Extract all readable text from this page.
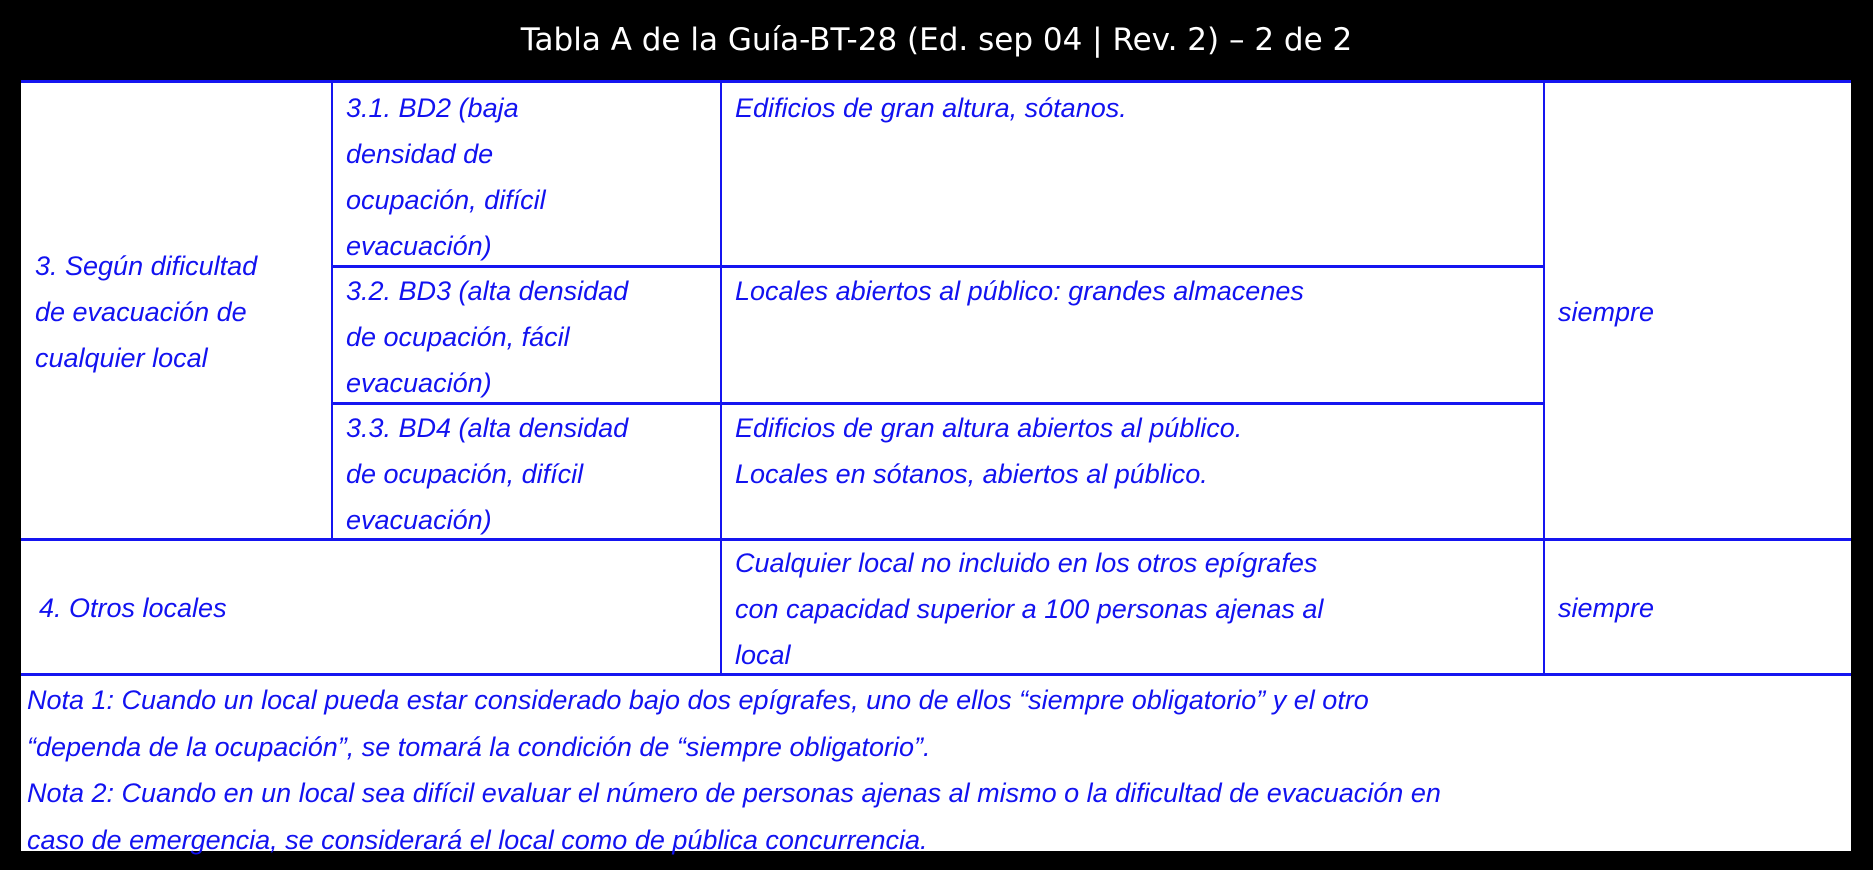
Tabla A de la Guía-BT-28 (Ed. sep 04 | Rev. 2) – 2 de 2
3. Según dificultad
de evacuación de
cualquier local
3.1. BD2 (baja
densidad de
ocupación, difícil
evacuación)
Edificios de gran altura, sótanos.
3.2. BD3 (alta densidad
de ocupación, fácil
evacuación)
Locales abiertos al público: grandes almacenes
3.3. BD4 (alta densidad
de ocupación, difícil
evacuación)
Edificios de gran altura abiertos al público.
Locales en sótanos, abiertos al público.
siempre
4. Otros locales
Cualquier local no incluido en los otros epígrafes
con capacidad superior a 100 personas ajenas al
local
siempre
Nota 1: Cuando un local pueda estar considerado bajo dos epígrafes, uno de ellos “siempre obligatorio” y el otro
“dependa de la ocupación”, se tomará la condición de “siempre obligatorio”.
Nota 2: Cuando en un local sea difícil evaluar el número de personas ajenas al mismo o la dificultad de evacuación en
caso de emergencia, se considerará el local como de pública concurrencia.
